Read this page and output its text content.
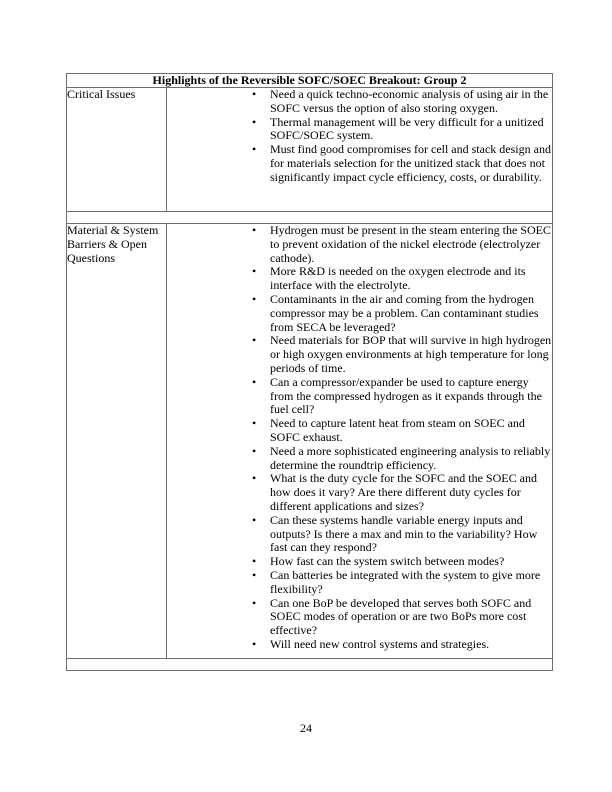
Highlights of the Reversible SOFC/SOEC Breakout: Group 2	
Critical Issues	
•Need a quick techno-economic analysis of using air in the SOFC versus the option of also storing oxygen.
• Thermal management will be very difficult for a unitized SOFC/SOEC system.
• Must find good compromises for cell and stack design and for materials selection for the unitized stack that does not significantly impact cycle efficiency, costs, or durability.

Material & System Barriers & Open Questions	
• Hydrogen must be present in the steam entering the SOEC to prevent oxidation of the nickel electrode (electrolyzer cathode).
• More R&D is needed on the oxygen electrode and its interface with the electrolyte.
• Contaminants in the air and coming from the hydrogen compressor may be a problem. Can contaminant studies from SECA be leveraged?
• Need materials for BOP that will survive in high hydrogen or high oxygen environments at high temperature for long periods of time.
• Can a compressor/expander be used to capture energy from the compressed hydrogen as it expands through the fuel cell?
• Need to capture latent heat from steam on SOEC and SOFC exhaust.
• Need a more sophisticated engineering analysis to reliably determine the roundtrip efficiency.
• What is the duty cycle for the SOFC and the SOEC and how does it vary? Are there different duty cycles for different applications and sizes?
• Can these systems handle variable energy inputs and outputs? Is there a max and min to the variability? How fast can they respond?
• How fast can the system switch between modes?
• Can batteries be integrated with the system to give more flexibility?
• Can one BoP be developed that serves both SOFC and SOEC modes of operation or are two BoPs more cost effective?
• Will need new control systems and strategies.

24
